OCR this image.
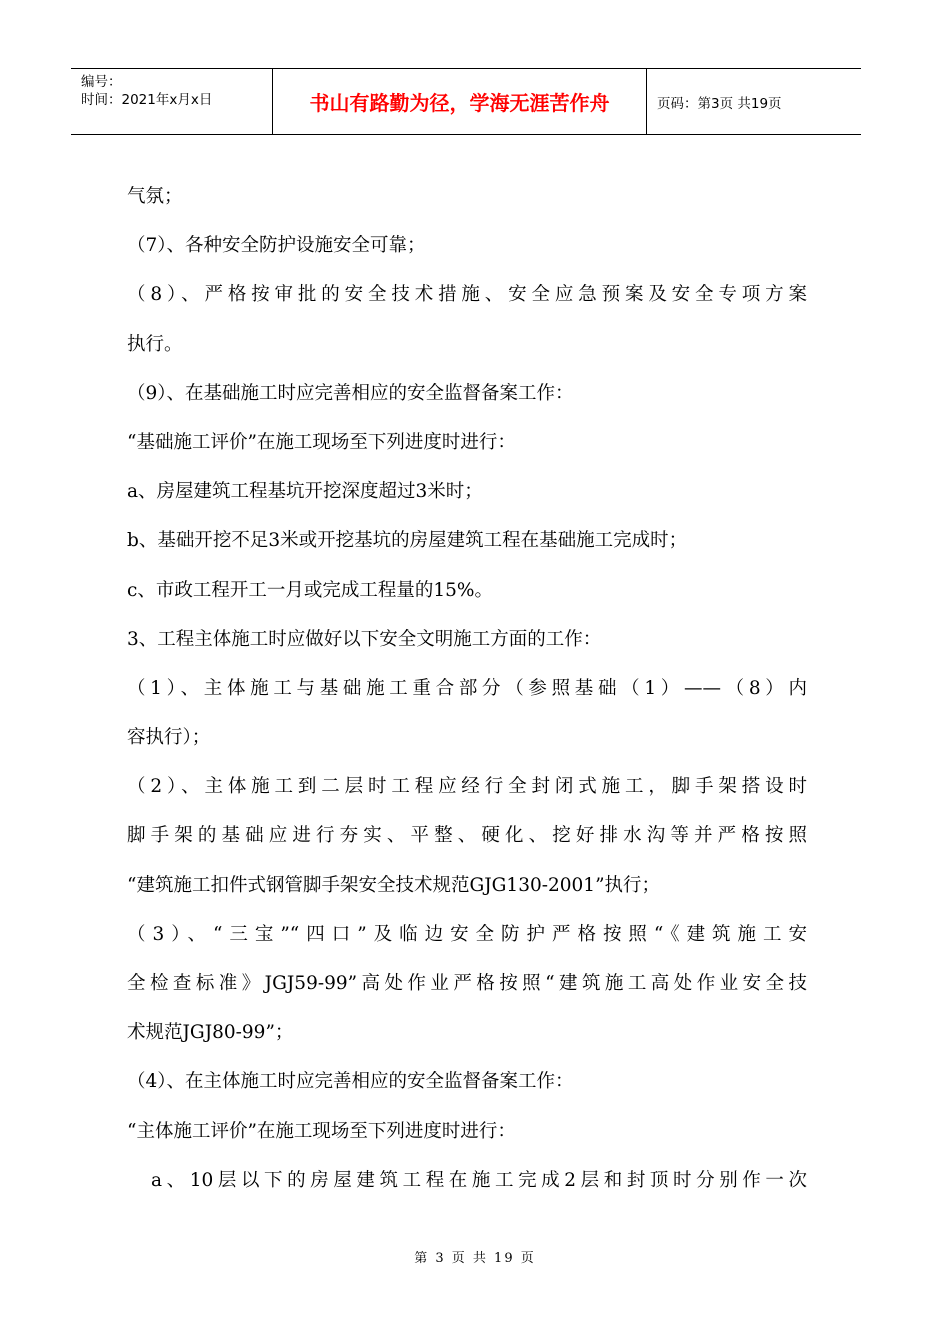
编号：
时间：2021年x月x日	书山有路勤为径，学海无涯苦作舟	页码：第3页 共19页

气氛；

（7）、各种安全防护设施安全可靠；

（8）、严格按审批的安全技术措施、安全应急预案及安全专项方案

执行。

（9）、在基础施工时应完善相应的安全监督备案工作：

“基础施工评价”在施工现场至下列进度时进行：

a、房屋建筑工程基坑开挖深度超过3米时；

b、基础开挖不足3米或开挖基坑的房屋建筑工程在基础施工完成时；

c、市政工程开工一月或完成工程量的15%。

3、工程主体施工时应做好以下安全文明施工方面的工作：

（1）、主体施工与基础施工重合部分（参照基础（1）——（8）内

容执行）；

（2）、主体施工到二层时工程应经行全封闭式施工，脚手架搭设时

脚手架的基础应进行夯实、平整、硬化、挖好排水沟等并严格按照

“建筑施工扣件式钢管脚手架安全技术规范GJG130-2001”执行；

（3）、“三宝”“四口”及临边安全防护严格按照“《建筑施工安

全检查标准》JGJ59-99”高处作业严格按照“建筑施工高处作业安全技

术规范JGJ80-99”；

（4）、在主体施工时应完善相应的安全监督备案工作：

“主体施工评价”在施工现场至下列进度时进行：

a、10层以下的房屋建筑工程在施工完成2层和封顶时分别作一次

第 3 页 共 19 页
